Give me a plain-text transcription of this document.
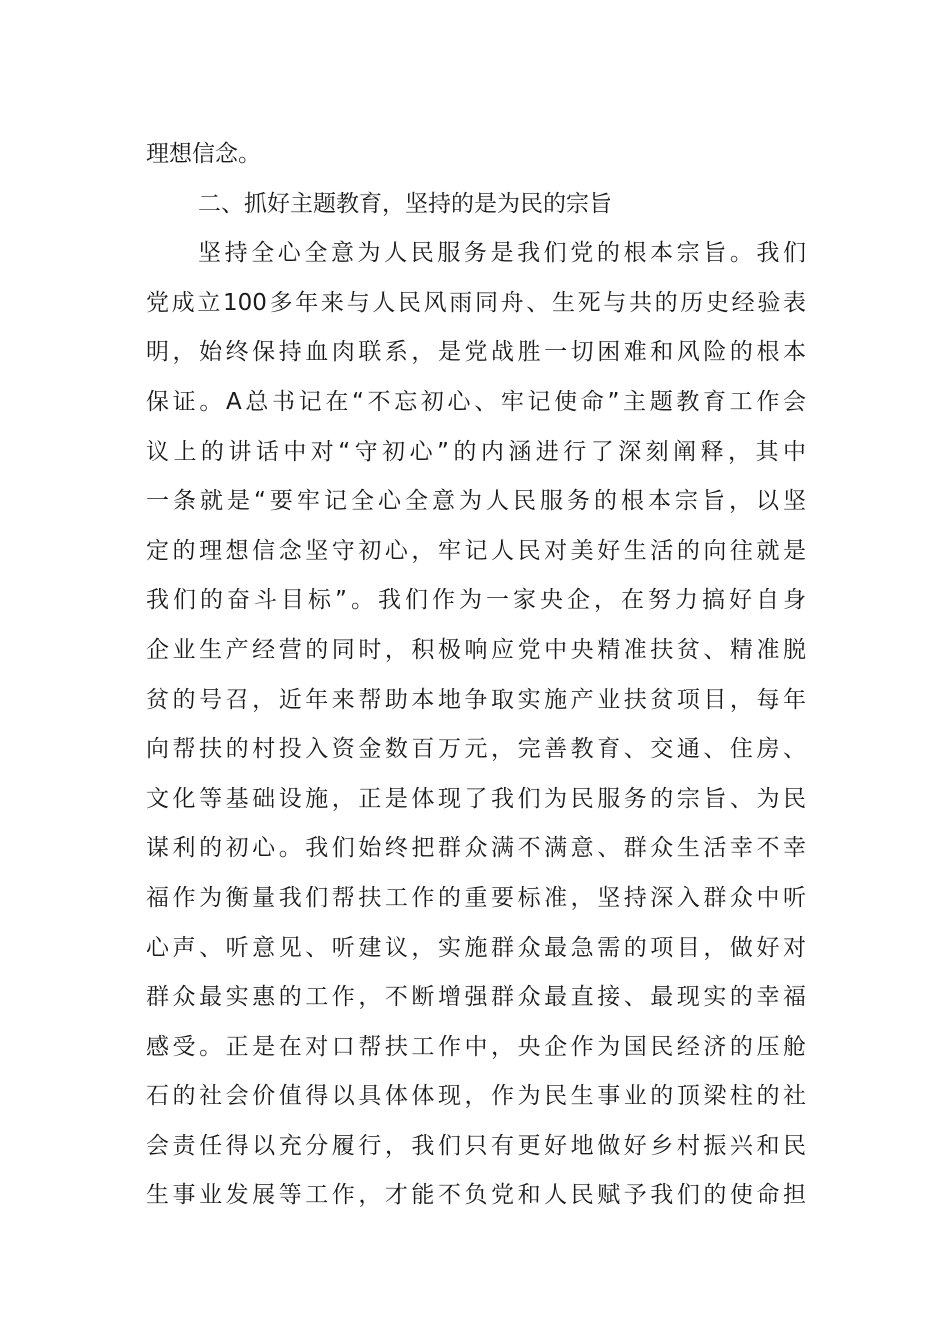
理想信念。
二、抓好主题教育，坚持的是为民的宗旨
坚持全心全意为人民服务是我们党的根本宗旨。我们
党成立100多年来与人民风雨同舟、生死与共的历史经验表
明，始终保持血肉联系，是党战胜一切困难和风险的根本
保证。A总书记在“不忘初心、牢记使命”主题教育工作会
议上的讲话中对“守初心”的内涵进行了深刻阐释，其中
一条就是“要牢记全心全意为人民服务的根本宗旨，以坚
定的理想信念坚守初心，牢记人民对美好生活的向往就是
我们的奋斗目标”。我们作为一家央企，在努力搞好自身
企业生产经营的同时，积极响应党中央精准扶贫、精准脱
贫的号召，近年来帮助本地争取实施产业扶贫项目，每年
向帮扶的村投入资金数百万元，完善教育、交通、住房、
文化等基础设施，正是体现了我们为民服务的宗旨、为民
谋利的初心。我们始终把群众满不满意、群众生活幸不幸
福作为衡量我们帮扶工作的重要标准，坚持深入群众中听
心声、听意见、听建议，实施群众最急需的项目，做好对
群众最实惠的工作，不断增强群众最直接、最现实的幸福
感受。正是在对口帮扶工作中，央企作为国民经济的压舱
石的社会价值得以具体体现，作为民生事业的顶梁柱的社
会责任得以充分履行，我们只有更好地做好乡村振兴和民
生事业发展等工作，才能不负党和人民赋予我们的使命担
